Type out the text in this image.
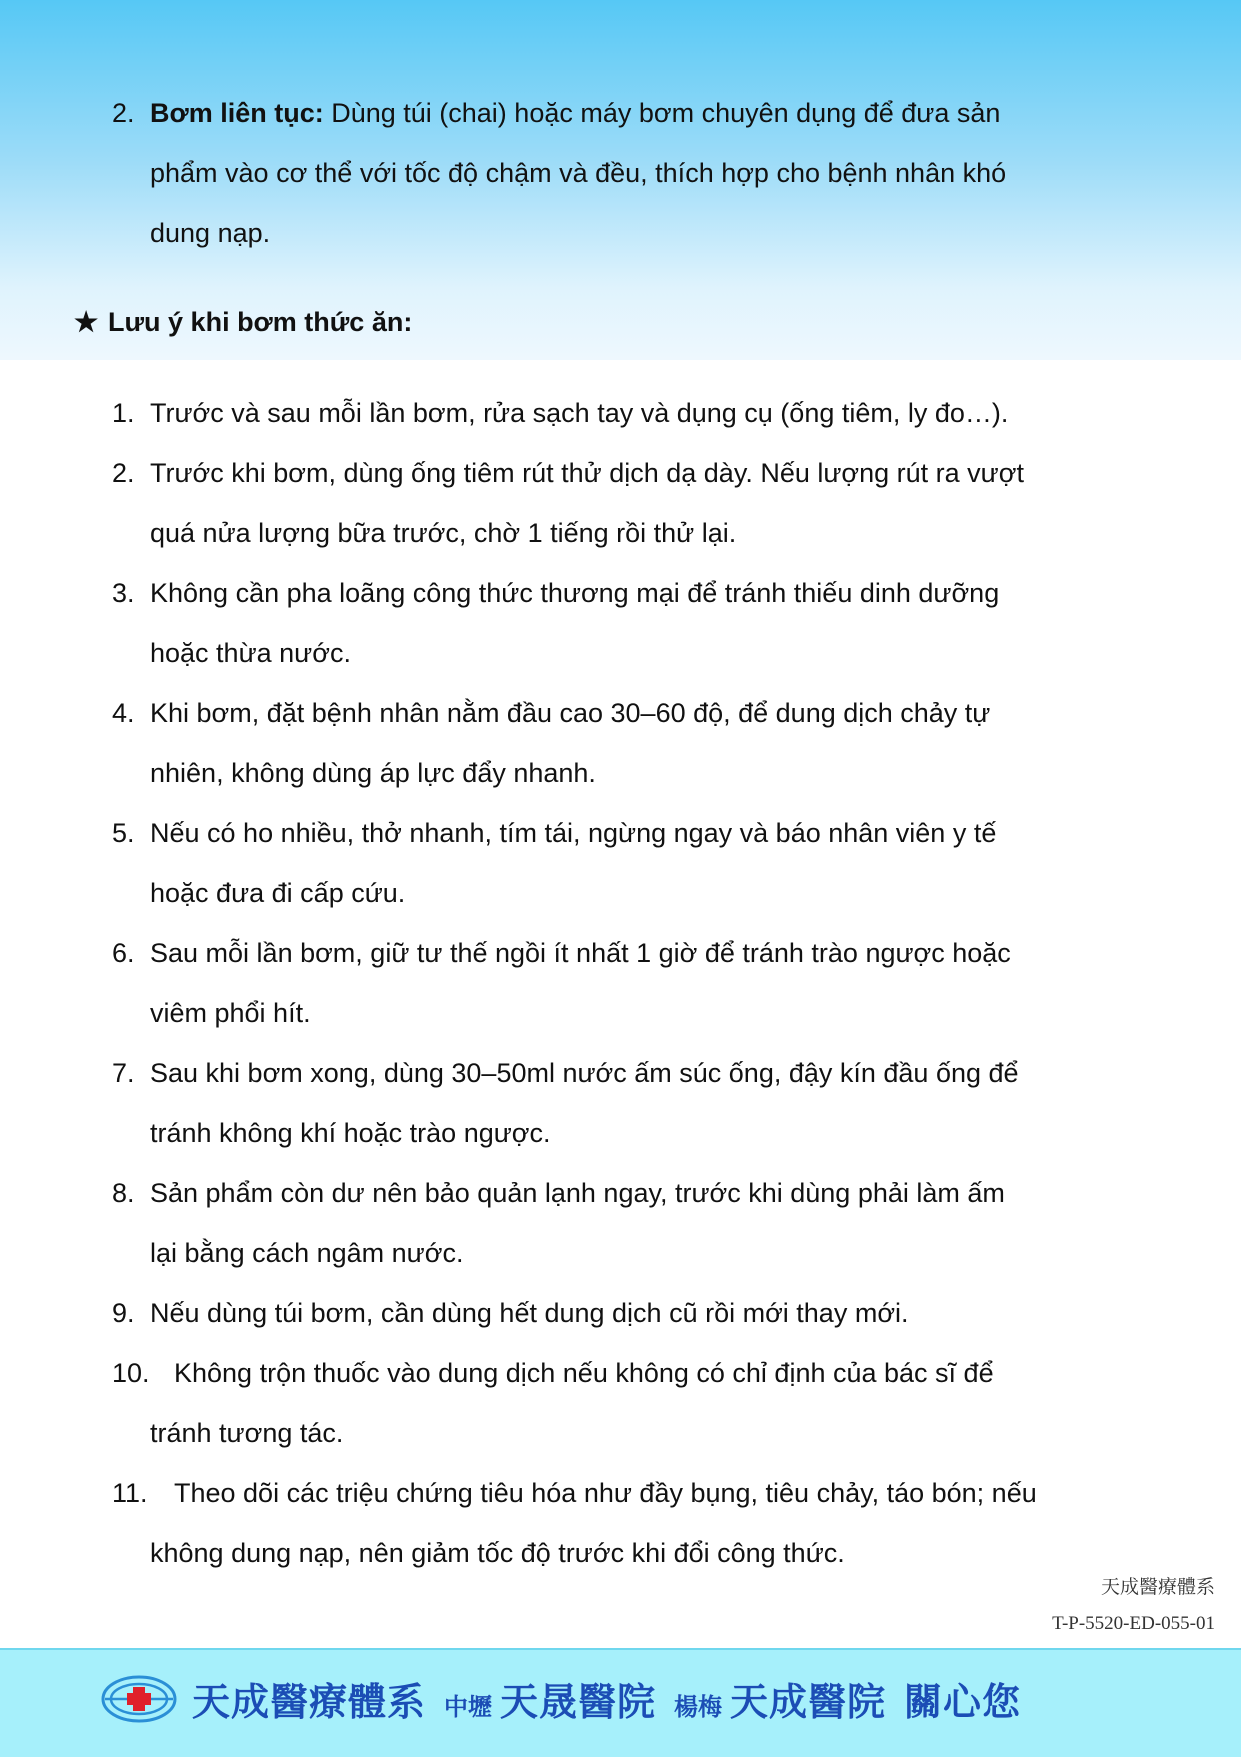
2. Bơm liên tục: Dùng túi (chai) hoặc máy bơm chuyên dụng để đưa sản
phẩm vào cơ thể với tốc độ chậm và đều, thích hợp cho bệnh nhân khó
dung nạp.
★ Lưu ý khi bơm thức ăn:
1. Trước và sau mỗi lần bơm, rửa sạch tay và dụng cụ (ống tiêm, ly đo…).
2. Trước khi bơm, dùng ống tiêm rút thử dịch dạ dày. Nếu lượng rút ra vượt
quá nửa lượng bữa trước, chờ 1 tiếng rồi thử lại.
3. Không cần pha loãng công thức thương mại để tránh thiếu dinh dưỡng
hoặc thừa nước.
4. Khi bơm, đặt bệnh nhân nằm đầu cao 30–60 độ, để dung dịch chảy tự
nhiên, không dùng áp lực đẩy nhanh.
5. Nếu có ho nhiều, thở nhanh, tím tái, ngừng ngay và báo nhân viên y tế
hoặc đưa đi cấp cứu.
6. Sau mỗi lần bơm, giữ tư thế ngồi ít nhất 1 giờ để tránh trào ngược hoặc
viêm phổi hít.
7. Sau khi bơm xong, dùng 30–50ml nước ấm súc ống, đậy kín đầu ống để
tránh không khí hoặc trào ngược.
8. Sản phẩm còn dư nên bảo quản lạnh ngay, trước khi dùng phải làm ấm
lại bằng cách ngâm nước.
9. Nếu dùng túi bơm, cần dùng hết dung dịch cũ rồi mới thay mới.
10. Không trộn thuốc vào dung dịch nếu không có chỉ định của bác sĩ để
tránh tương tác.
11. Theo dõi các triệu chứng tiêu hóa như đầy bụng, tiêu chảy, táo bón; nếu
không dung nạp, nên giảm tốc độ trước khi đổi công thức.
天成醫療體系
T-P-5520-ED-055-01
天成醫療體系 中壢 天晟醫院 楊梅 天成醫院 關心您
